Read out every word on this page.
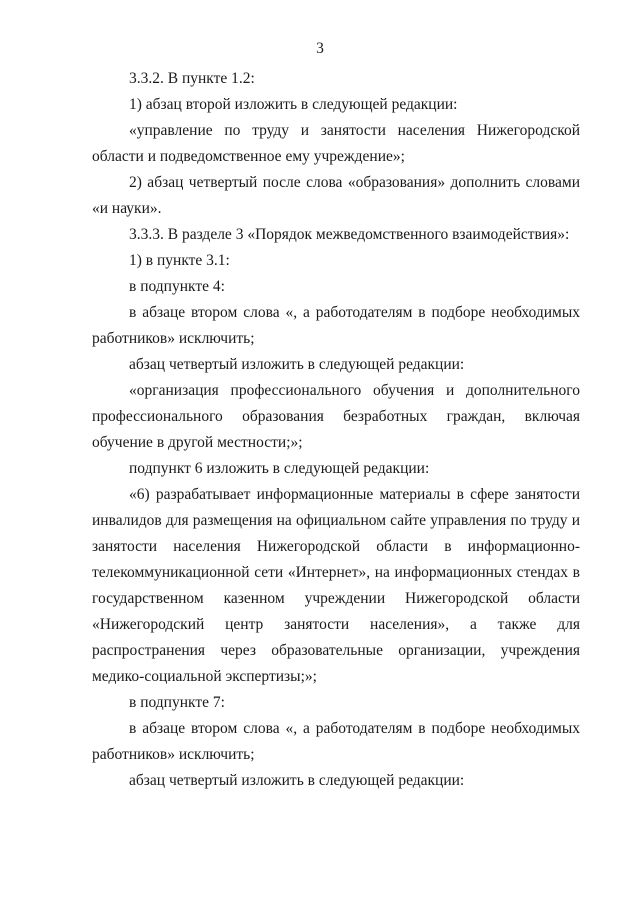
3

3.3.2. В пункте 1.2:

1) абзац второй изложить в следующей редакции:

«управление по труду и занятости населения Нижегородской области и подведомственное ему учреждение»;

2) абзац четвертый после слова «образования» дополнить словами «и науки».

3.3.3. В разделе 3 «Порядок межведомственного взаимодействия»:

1) в пункте 3.1:

в подпункте 4:

в абзаце втором слова «, а работодателям в подборе необходимых работников» исключить;

абзац четвертый изложить в следующей редакции:

«организация профессионального обучения и дополнительного профессионального образования безработных граждан, включая обучение в другой местности;»;

подпункт 6 изложить в следующей редакции:

«6) разрабатывает информационные материалы в сфере занятости инвалидов для размещения на официальном сайте управления по труду и занятости населения Нижегородской области в информационно-телекоммуникационной сети «Интернет», на информационных стендах в государственном казенном учреждении Нижегородской области «Нижегородский центр занятости населения», а также для распространения через образовательные организации, учреждения медико-социальной экспертизы;»;

в подпункте 7:

в абзаце втором слова «, а работодателям в подборе необходимых работников» исключить;

абзац четвертый изложить в следующей редакции:
